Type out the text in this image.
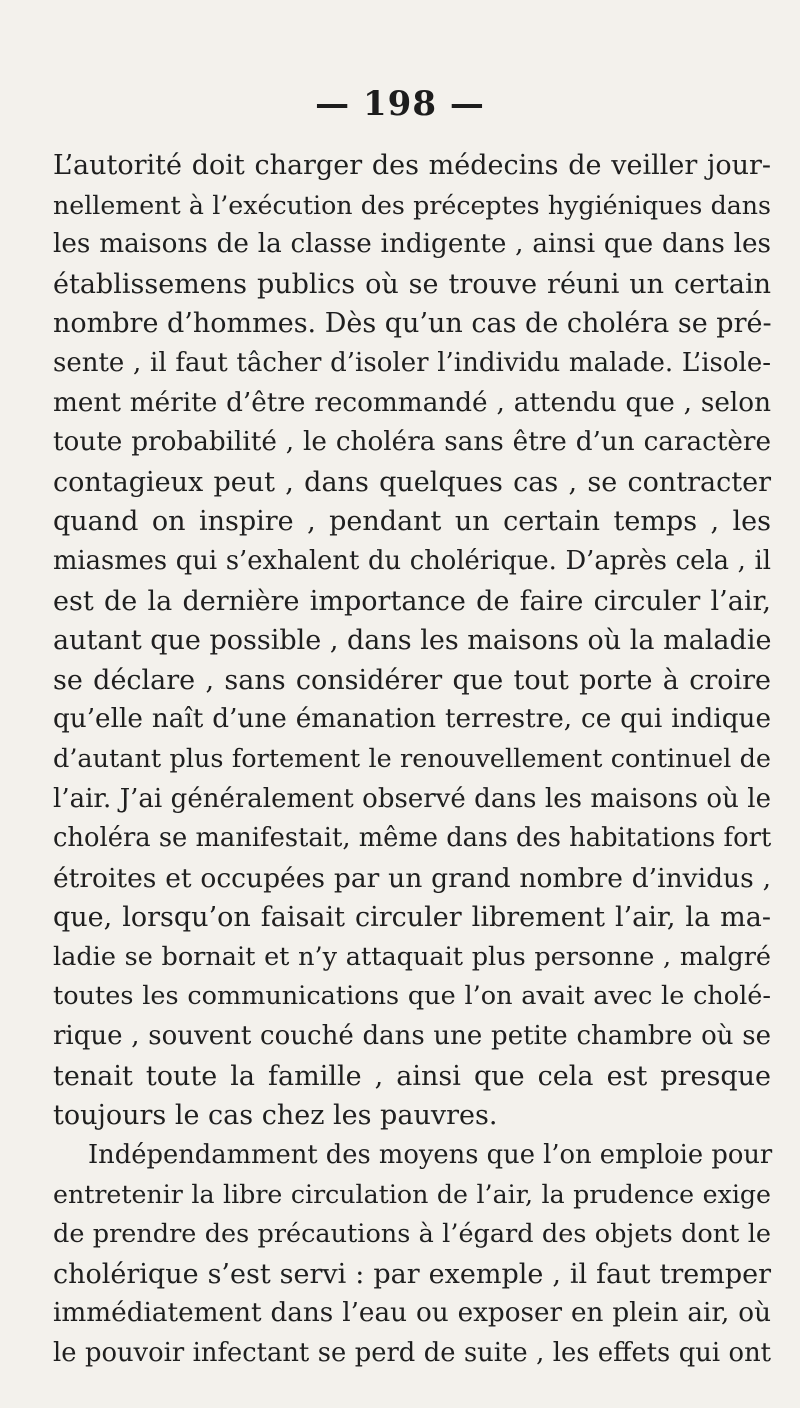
— 198 —
L’autorité doit charger des médecins de veiller jour-
nellement à l’exécution des préceptes hygiéniques dans
les maisons de la classe indigente , ainsi que dans les
établissemens publics où se trouve réuni un certain
nombre d’hommes. Dès qu’un cas de choléra se pré-
sente , il faut tâcher d’isoler l’individu malade. L’isole-
ment mérite d’être recommandé , attendu que , selon
toute probabilité , le choléra sans être d’un caractère
contagieux peut , dans quelques cas , se contracter
quand on inspire , pendant un certain temps , les
miasmes qui s’exhalent du cholérique. D’après cela , il
est de la dernière importance de faire circuler l’air,
autant que possible , dans les maisons où la maladie
se déclare , sans considérer que tout porte à croire
qu’elle naît d’une émanation terrestre, ce qui indique
d’autant plus fortement le renouvellement continuel de
l’air. J’ai généralement observé dans les maisons où le
choléra se manifestait, même dans des habitations fort
étroites et occupées par un grand nombre d’invidus ,
que, lorsqu’on faisait circuler librement l’air, la ma-
ladie se bornait et n’y attaquait plus personne , malgré
toutes les communications que l’on avait avec le cholé-
rique , souvent couché dans une petite chambre où se
tenait toute la famille , ainsi que cela est presque
toujours le cas chez les pauvres.
Indépendamment des moyens que l’on emploie pour
entretenir la libre circulation de l’air, la prudence exige
de prendre des précautions à l’égard des objets dont le
cholérique s’est servi : par exemple , il faut tremper
immédiatement dans l’eau ou exposer en plein air, où
le pouvoir infectant se perd de suite , les effets qui ont
